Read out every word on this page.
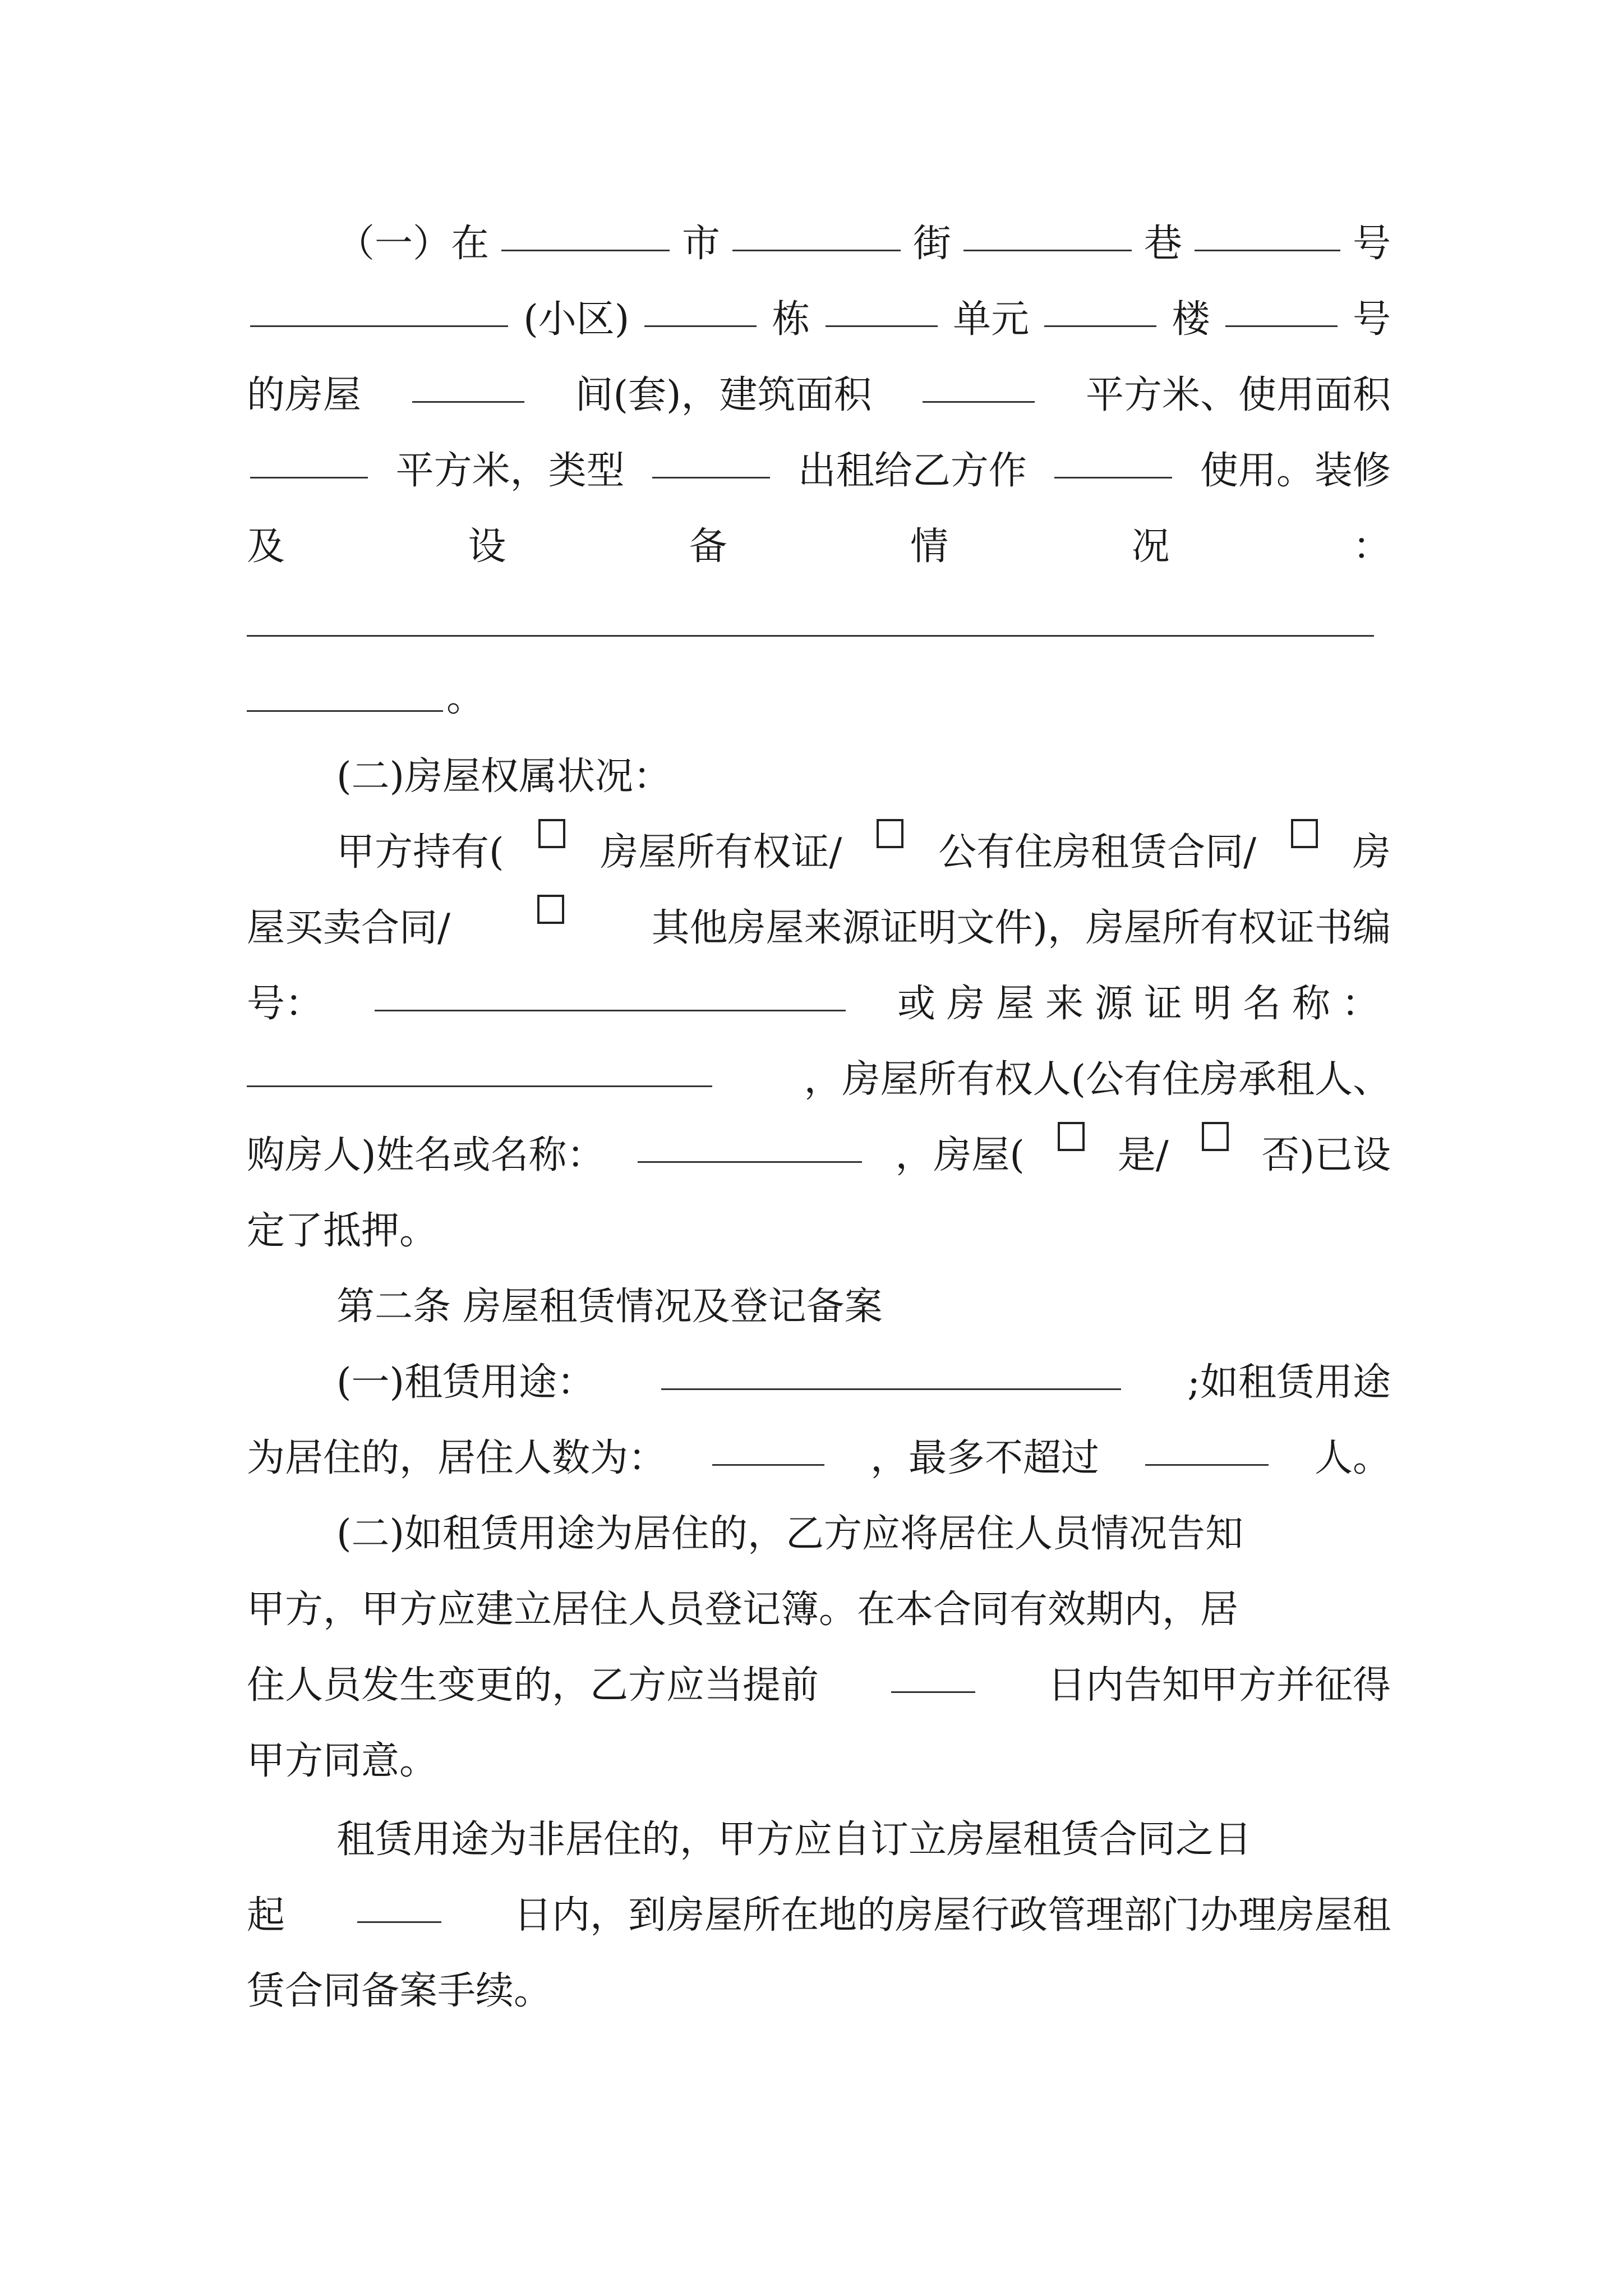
（一）在	市	街	巷	号
(小区)	栋	单元	楼	号
的房屋	间(套)，建筑面积	平方米、使用面积
平方米，类型	出租给乙方作	使用。装修
及	设	备	情	况	：
。
(二)房屋权属状况：
甲方持有(	房屋所有权证/	公有住房租赁合同/	房
屋买卖合同/	其他房屋来源证明文件)，房屋所有权证书编
号：	或房屋来源证明名称：
，房屋所有权人(公有住房承租人、
购房人)姓名或名称：	，房屋( 是/ 否)已设
定了抵押。
第二条 房屋租赁情况及登记备案
(一)租赁用途：	;如租赁用途
为居住的，居住人数为：	，最多不超过	人。
(二)如租赁用途为居住的，乙方应将居住人员情况告知
甲方，甲方应建立居住人员登记簿。在本合同有效期内，居
住人员发生变更的，乙方应当提前	日内告知甲方并征得
甲方同意。
租赁用途为非居住的，甲方应自订立房屋租赁合同之日
起	日内，到房屋所在地的房屋行政管理部门办理房屋租
赁合同备案手续。
